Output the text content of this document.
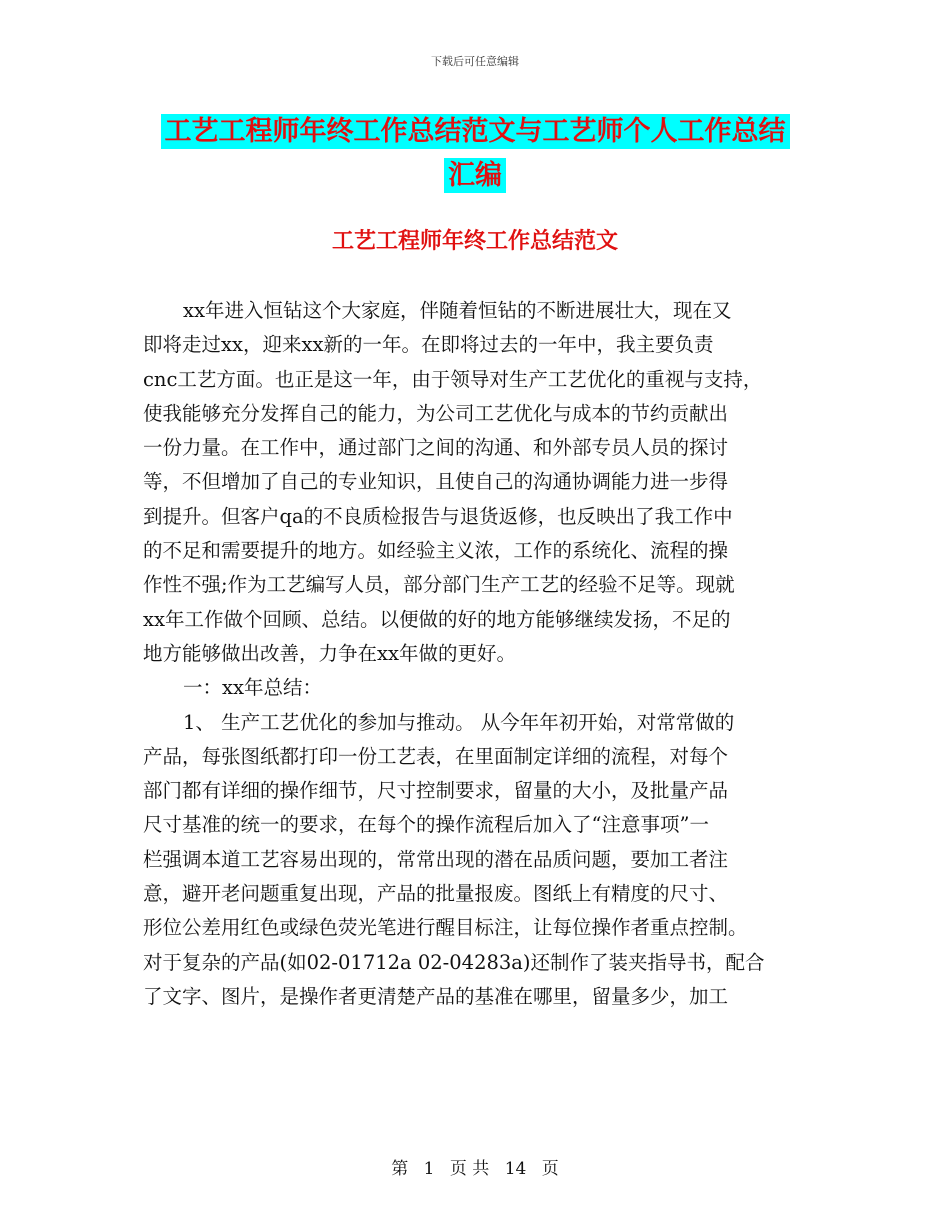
下载后可任意编辑
工艺工程师年终工作总结范文与工艺师个人工作总结
汇编
工艺工程师年终工作总结范文
xx年进入恒钻这个大家庭，伴随着恒钻的不断进展壮大，现在又
即将走过xx，迎来xx新的一年。在即将过去的一年中，我主要负责
cnc工艺方面。也正是这一年，由于领导对生产工艺优化的重视与支持，
使我能够充分发挥自己的能力，为公司工艺优化与成本的节约贡献出
一份力量。在工作中，通过部门之间的沟通、和外部专员人员的探讨
等，不但增加了自己的专业知识，且使自己的沟通协调能力进一步得
到提升。但客户qa的不良质检报告与退货返修，也反映出了我工作中
的不足和需要提升的地方。如经验主义浓，工作的系统化、流程的操
作性不强;作为工艺编写人员，部分部门生产工艺的经验不足等。现就
xx年工作做个回顾、总结。以便做的好的地方能够继续发扬，不足的
地方能够做出改善，力争在xx年做的更好。
一：xx年总结：
1、 生产工艺优化的参加与推动。 从今年年初开始，对常常做的
产品，每张图纸都打印一份工艺表，在里面制定详细的流程，对每个
部门都有详细的操作细节，尺寸控制要求，留量的大小，及批量产品
尺寸基准的统一的要求，在每个的操作流程后加入了“注意事项”一
栏强调本道工艺容易出现的，常常出现的潜在品质问题，要加工者注
意，避开老问题重复出现，产品的批量报废。图纸上有精度的尺寸、
形位公差用红色或绿色荧光笔进行醒目标注，让每位操作者重点控制。
对于复杂的产品(如02-01712a 02-04283a)还制作了装夹指导书，配合
了文字、图片，是操作者更清楚产品的基准在哪里，留量多少，加工
第 1 页 共 14 页
